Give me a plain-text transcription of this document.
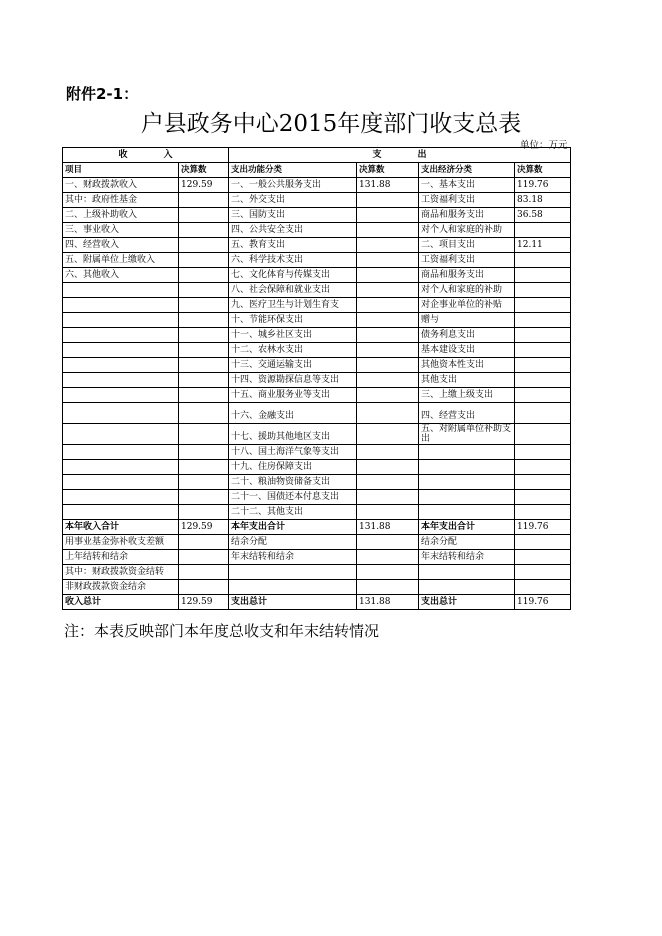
附件2-1：
户县政务中心2015年度部门收支总表
单位：万元
收　　　　入		支　　　　出			
项目	决算数	支出功能分类	决算数	支出经济分类	决算数
一、财政拨款收入	129.59	一、一般公共服务支出	131.88	一、基本支出	119.76
其中：政府性基金		二、外交支出		工资福利支出	83.18
二、上级补助收入		三、国防支出		商品和服务支出	36.58
三、事业收入		四、公共安全支出		对个人和家庭的补助	
四、经营收入		五、教育支出		二、项目支出	12.11
五、附属单位上缴收入		六、科学技术支出		工资福利支出	
六、其他收入		七、文化体育与传媒支出		商品和服务支出	
		八、社会保障和就业支出		对个人和家庭的补助	
		九、医疗卫生与计划生育支		对企事业单位的补贴	
		十、节能环保支出		赠与	
		十一、城乡社区支出		债务利息支出	
		十二、农林水支出		基本建设支出	
		十三、交通运输支出		其他资本性支出	
		十四、资源勘探信息等支出		其他支出	
		十五、商业服务业等支出		三、上缴上级支出	
		十六、金融支出		四、经营支出	
		十七、援助其他地区支出		五、对附属单位补助支出	
		十八、国土海洋气象等支出			
		十九、住房保障支出			
		二十、粮油物资储备支出			
		二十一、国债还本付息支出			
		二十二、其他支出			
本年收入合计	129.59	本年支出合计	131.88	本年支出合计	119.76
用事业基金弥补收支差额		结余分配		结余分配	
上年结转和结余		年末结转和结余		年末结转和结余	
其中：财政拨款资金结转					
非财政拨款资金结余					
收入总计	129.59	支出总计	131.88	支出总计	119.76
注：本表反映部门本年度总收支和年末结转情况
